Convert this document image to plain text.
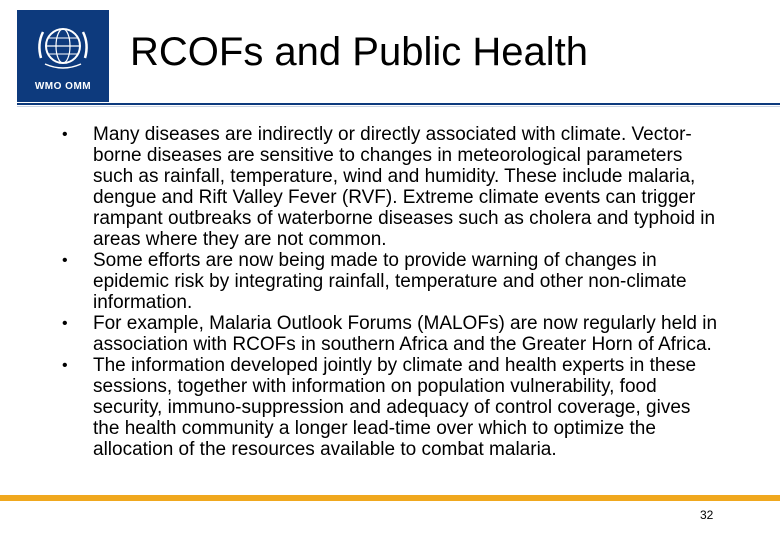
WMO OMM
RCOFs and Public Health
•	Many diseases are indirectly or directly associated with climate. Vector-borne diseases are sensitive to changes in meteorological parameters such as rainfall, temperature, wind and humidity. These include malaria, dengue and Rift Valley Fever (RVF). Extreme climate events can trigger rampant outbreaks of waterborne diseases such as cholera and typhoid in areas where they are not common.
•	Some efforts are now being made to provide warning of changes in epidemic risk by integrating rainfall, temperature and other non-climate information.
•	For example, Malaria Outlook Forums (MALOFs) are now regularly held in association with RCOFs in southern Africa and the Greater Horn of Africa.
•	The information developed jointly by climate and health experts in these sessions, together with information on population vulnerability, food security, immuno-suppression and adequacy of control coverage, gives the health community a longer lead-time over which to optimize the allocation of the resources available to combat malaria.
32
